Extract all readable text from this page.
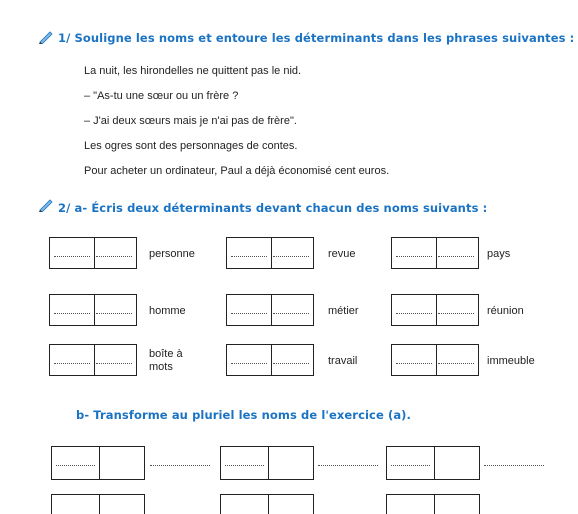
1/ Souligne les noms et entoure les déterminants dans les phrases suivantes :
La nuit, les hirondelles ne quittent pas le nid.
– "As-tu une sœur ou un frère ?
– J'ai deux sœurs mais je n'ai pas de frère".
Les ogres sont des personnages de contes.
Pour acheter un ordinateur, Paul a déjà économisé cent euros.
2/ a- Écris deux déterminants devant chacun des noms suivants :
personne	revue	pays
homme	métier	réunion
boîte à mots	travail	immeuble
b- Transforme au pluriel les noms de l'exercice (a).
